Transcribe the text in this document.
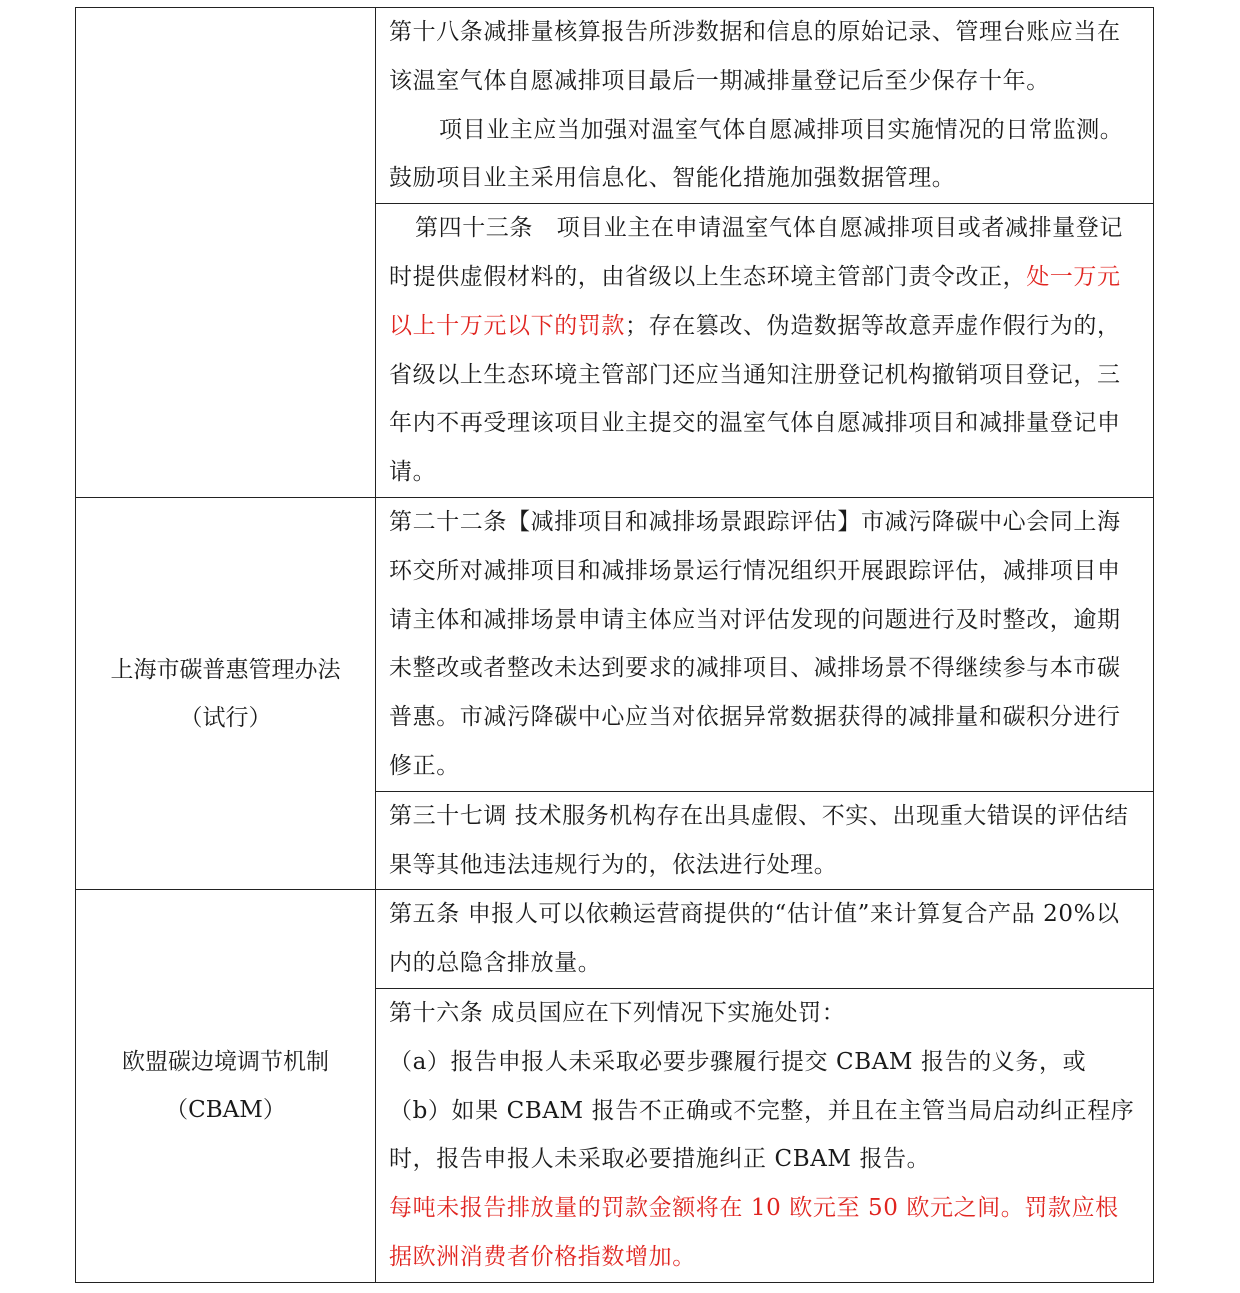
	第十八条减排量核算报告所涉数据和信息的原始记录、管理台账应当在该温室气体自愿减排项目最后一期减排量登记后至少保存十年。

项目业主应当加强对温室气体自愿减排项目实施情况的日常监测。鼓励项目业主采用信息化、智能化措施加强数据管理。

	第四十三条　项目业主在申请温室气体自愿减排项目或者减排量登记时提供虚假材料的，由省级以上生态环境主管部门责令改正，处一万元以上十万元以下的罚款；存在篡改、伪造数据等故意弄虚作假行为的，省级以上生态环境主管部门还应当通知注册登记机构撤销项目登记，三年内不再受理该项目业主提交的温室气体自愿减排项目和减排量登记申请。

上海市碳普惠管理办法
（试行）	第二十二条【减排项目和减排场景跟踪评估】市减污降碳中心会同上海环交所对减排项目和减排场景运行情况组织开展跟踪评估，减排项目申请主体和减排场景申请主体应当对评估发现的问题进行及时整改，逾期未整改或者整改未达到要求的减排项目、减排场景不得继续参与本市碳普惠。市减污降碳中心应当对依据异常数据获得的减排量和碳积分进行修正。

	第三十七调 技术服务机构存在出具虚假、不实、出现重大错误的评估结果等其他违法违规行为的，依法进行处理。

欧盟碳边境调节机制
（CBAM）	第五条 申报人可以依赖运营商提供的“估计值”来计算复合产品 20%以内的总隐含排放量。

	第十六条 成员国应在下列情况下实施处罚：

（a）报告申报人未采取必要步骤履行提交 CBAM 报告的义务，或

（b）如果 CBAM 报告不正确或不完整，并且在主管当局启动纠正程序时，报告申报人未采取必要措施纠正 CBAM 报告。

每吨未报告排放量的罚款金额将在 10 欧元至 50 欧元之间。罚款应根据欧洲消费者价格指数增加。
